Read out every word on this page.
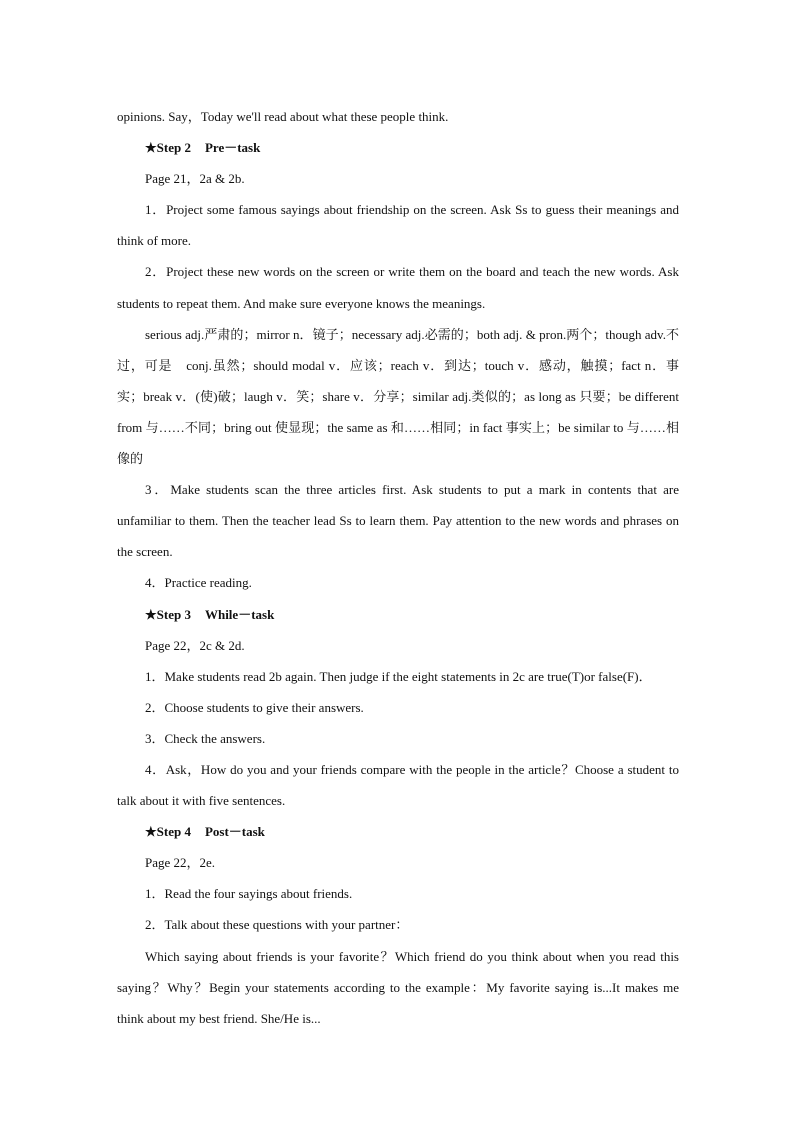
opinions. Say，Today we'll read about what these people think.

★Step 2 Pre－task

Page 21，2a & 2b.

1．Project some famous sayings about friendship on the screen. Ask Ss to guess their meanings and think of more.

2．Project these new words on the screen or write them on the board and teach the new words. Ask students to repeat them. And make sure everyone knows the meanings.

serious adj.严肃的；mirror n．镜子；necessary adj.必需的；both adj. & pron.两个；though adv.不过，可是　conj.虽然；should modal v．应该；reach v．到达；touch v．感动，触摸；fact n．事实；break v．(使)破；laugh v．笑；share v．分享；similar adj.类似的；as long as 只要；be different from 与……不同；bring out 使显现；the same as 和……相同；in fact 事实上；be similar to 与……相像的

3．Make students scan the three articles first. Ask students to put a mark in contents that are unfamiliar to them. Then the teacher lead Ss to learn them. Pay attention to the new words and phrases on the screen.

4．Practice reading.

★Step 3 While－task

Page 22，2c & 2d.

1．Make students read 2b again. Then judge if the eight statements in 2c are true(T)or false(F)．

2．Choose students to give their answers.

3．Check the answers.

4．Ask，How do you and your friends compare with the people in the article？Choose a student to talk about it with five sentences.

★Step 4 Post－task

Page 22，2e.

1．Read the four sayings about friends.

2．Talk about these questions with your partner：

Which saying about friends is your favorite？Which friend do you think about when you read this saying？Why？Begin your statements according to the example：My favorite saying is...It makes me think about my best friend. She/He is...
